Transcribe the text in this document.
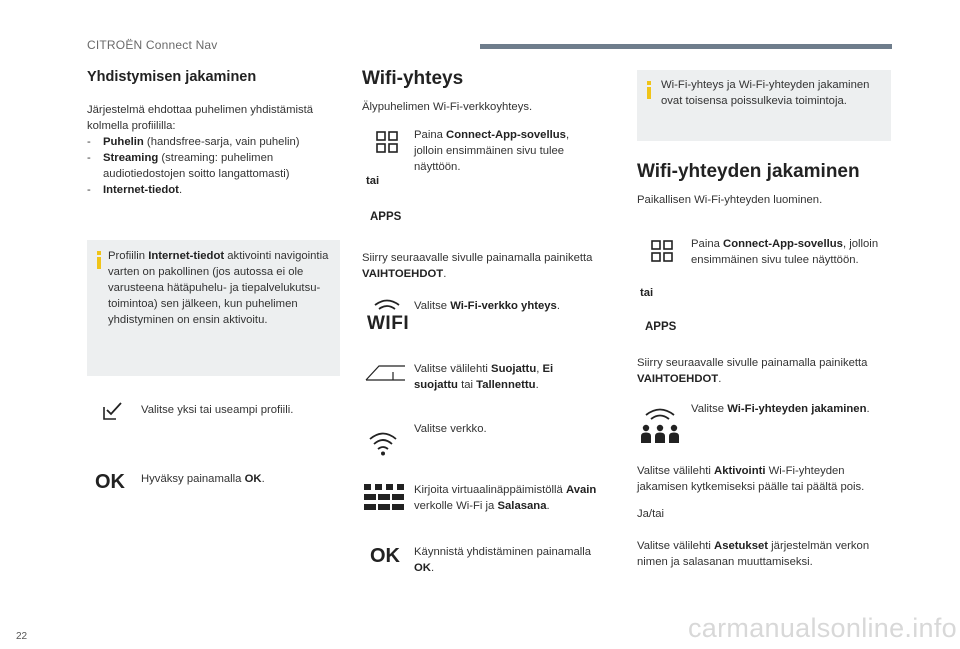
CITROËN Connect Nav
Yhdistymisen jakaminen
Järjestelmä ehdottaa puhelimen yhdistämistä kolmella profiililla:
- Puhelin (handsfree-sarja, vain puhelin)
- Streaming (streaming: puhelimen audiotiedostojen soitto langattomasti)
- Internet-tiedot.
Profiilin Internet-tiedot aktivointi navigointia varten on pakollinen (jos autossa ei ole varusteena hätäpuhelu- ja tiepalvelukutsu-toimintoa) sen jälkeen, kun puhelimen yhdistyminen on ensin aktivoitu.
Valitse yksi tai useampi profiili.
OK Hyväksy painamalla OK.
Wifi-yhteys
Älypuhelimen Wi-Fi-verkkoyhteys.
Paina Connect-App-sovellus, jolloin ensimmäinen sivu tulee näyttöön.
tai
APPS
Siirry seuraavalle sivulle painamalla painiketta VAIHTOEHDOT.
WIFI
Valitse Wi-Fi-verkko yhteys.
Valitse välilehti Suojattu, Ei suojattu tai Tallennettu.
Valitse verkko.
Kirjoita virtuaalinäppäimistöllä Avain verkolle Wi-Fi ja Salasana.
OK Käynnistä yhdistäminen painamalla OK.
Wi-Fi-yhteys ja Wi-Fi-yhteyden jakaminen ovat toisensa poissulkevia toimintoja.
Wifi-yhteyden jakaminen
Paikallisen Wi-Fi-yhteyden luominen.
Paina Connect-App-sovellus, jolloin ensimmäinen sivu tulee näyttöön.
tai
APPS
Siirry seuraavalle sivulle painamalla painiketta VAIHTOEHDOT.
Valitse Wi-Fi-yhteyden jakaminen.
Valitse välilehti Aktivointi Wi-Fi-yhteyden jakamisen kytkemiseksi päälle tai päältä pois.
Ja/tai
Valitse välilehti Asetukset järjestelmän verkon nimen ja salasanan muuttamiseksi.
22	carmanualsonline.info
